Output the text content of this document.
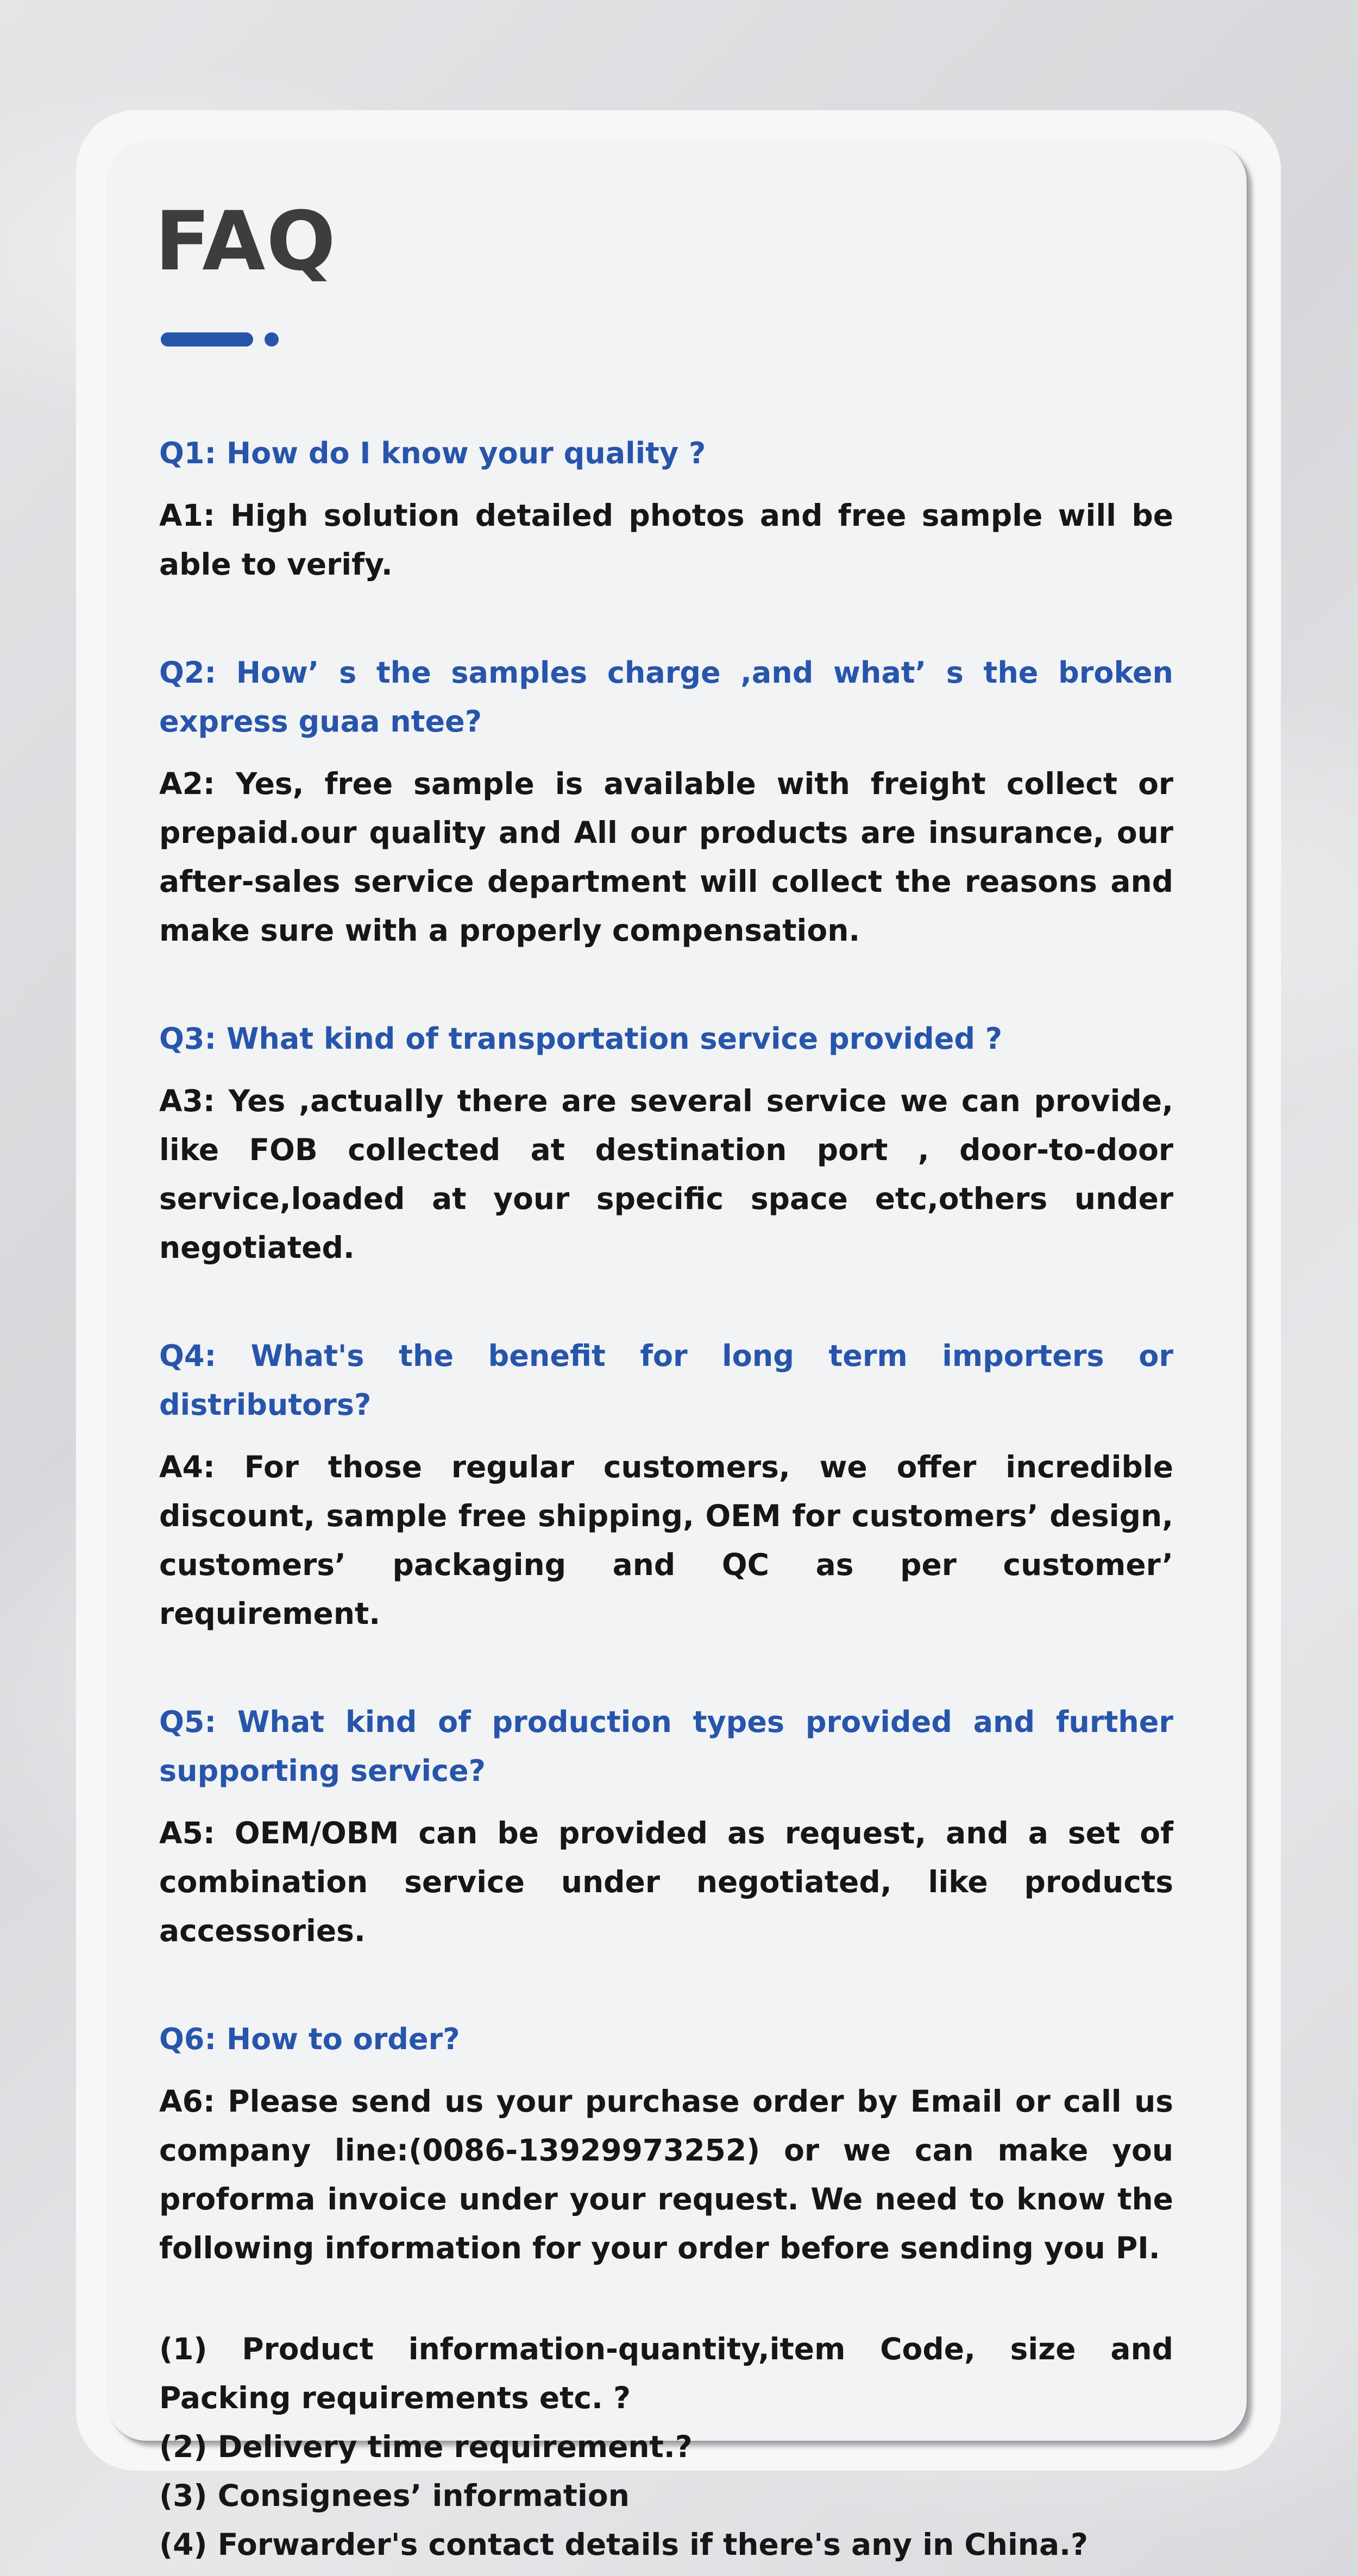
FAQ

Q1: How do I know your quality ?

A1: High solution detailed photos and free sample will be able to verify.

Q2: How’ s the samples charge ,and what’ s the broken express guaa ntee?

A2: Yes, free sample is available with freight collect or prepaid.our quality and All our products are insurance, our after-sales service department will collect the reasons and make sure with a properly compensation.

Q3: What kind of transportation service provided ?

A3: Yes ,actually there are several service we can provide, like FOB collected at destination port , door-to-door service,loaded at your specific space etc,others under negotiated.

Q4: What's the benefit for long term importers or distributors?

A4: For those regular customers, we offer incredible discount, sample free shipping, OEM for customers’ design, customers’ packaging and QC as per customer’ requirement.

Q5: What kind of production types provided and further supporting service?

A5: OEM/OBM can be provided as request, and a set of combination service under negotiated, like products accessories.

Q6: How to order?

A6: Please send us your purchase order by Email or call us company line:(0086-13929973252) or we can make you proforma invoice under your request. We need to know the following information for your order before sending you PI.

(1) Product information-quantity,item Code, size and Packing requirements etc. ?

(2) Delivery time requirement.?

(3) Consignees’ information

(4) Forwarder's contact details if there's any in China.?
